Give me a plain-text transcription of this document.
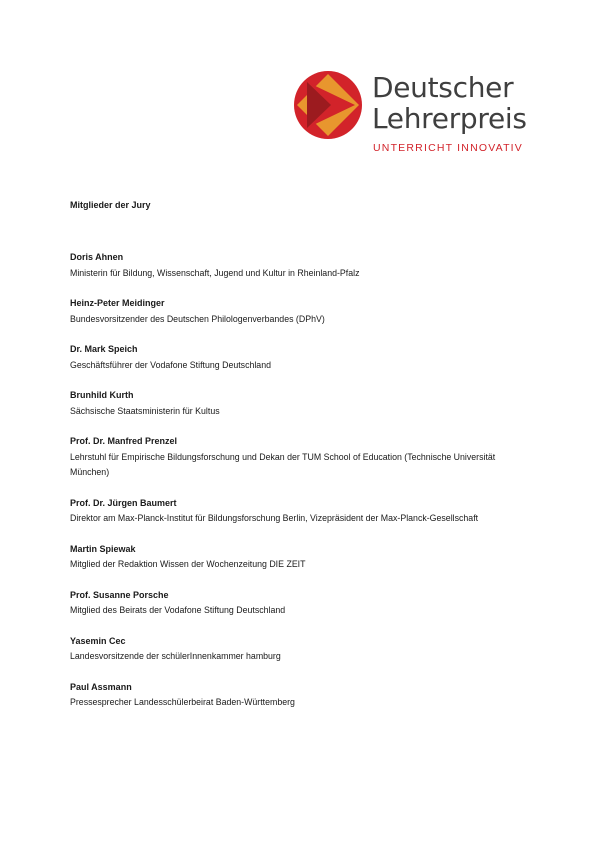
Deutscher
Lehrerpreis
UNTERRICHT INNOVATIV
Mitglieder der Jury
Doris Ahnen
Ministerin für Bildung, Wissenschaft, Jugend und Kultur in Rheinland-Pfalz
Heinz-Peter Meidinger
Bundesvorsitzender des Deutschen Philologenverbandes (DPhV)
Dr. Mark Speich
Geschäftsführer der Vodafone Stiftung Deutschland
Brunhild Kurth
Sächsische Staatsministerin für Kultus
Prof. Dr. Manfred Prenzel
Lehrstuhl für Empirische Bildungsforschung und Dekan der TUM School of Education (Technische Universität München)
Prof. Dr. Jürgen Baumert
Direktor am Max-Planck-Institut für Bildungsforschung Berlin, Vizepräsident der Max-Planck-Gesellschaft
Martin Spiewak
Mitglied der Redaktion Wissen der Wochenzeitung DIE ZEIT
Prof. Susanne Porsche
Mitglied des Beirats der Vodafone Stiftung Deutschland
Yasemin Cec
Landesvorsitzende der schülerInnenkammer hamburg
Paul Assmann
Pressesprecher Landesschülerbeirat Baden-Württemberg
